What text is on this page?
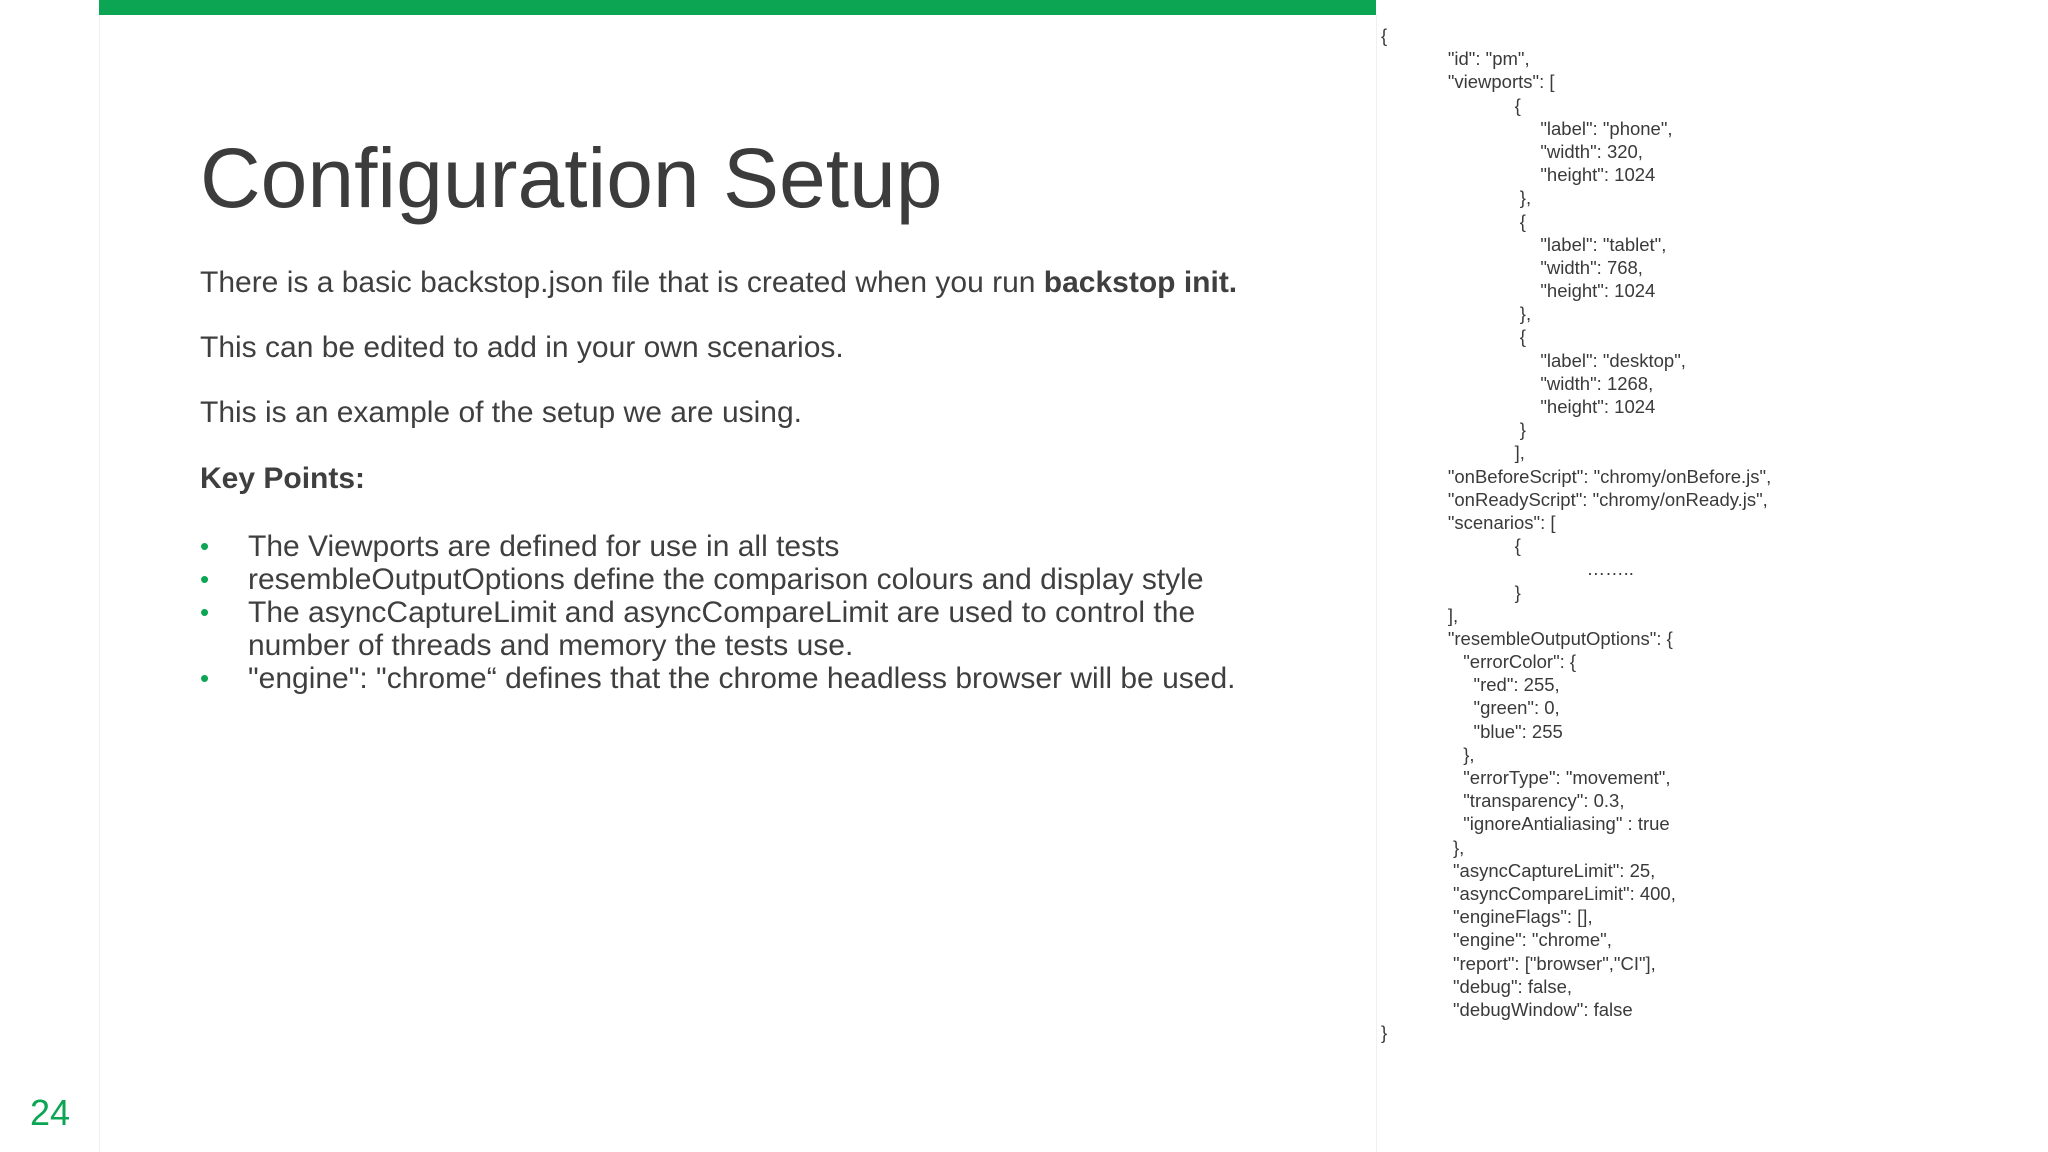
24
Configuration Setup
There is a basic backstop.json file that is created when you run backstop init.
This can be edited to add in your own scenarios.
This is an example of the setup we are using.
Key Points:
• The Viewports are defined for use in all tests
• resembleOutputOptions define the comparison colours and display style
• The asyncCaptureLimit and asyncCompareLimit are used to control the number of threads and memory the tests use.
• "engine": "chrome“ defines that the chrome headless browser will be used.
{
"id": "pm",
"viewports": [
{
"label": "phone",
"width": 320,
"height": 1024
},
{
"label": "tablet",
"width": 768,
"height": 1024
},
{
"label": "desktop",
"width": 1268,
"height": 1024
}
],
"onBeforeScript": "chromy/onBefore.js",
"onReadyScript": "chromy/onReady.js",
"scenarios": [
{
……..
}
],
"resembleOutputOptions": {
"errorColor": {
"red": 255,
"green": 0,
"blue": 255
},
"errorType": "movement",
"transparency": 0.3,
"ignoreAntialiasing" : true
},
"asyncCaptureLimit": 25,
"asyncCompareLimit": 400,
"engineFlags": [],
"engine": "chrome",
"report": ["browser","CI"],
"debug": false,
"debugWindow": false
}
